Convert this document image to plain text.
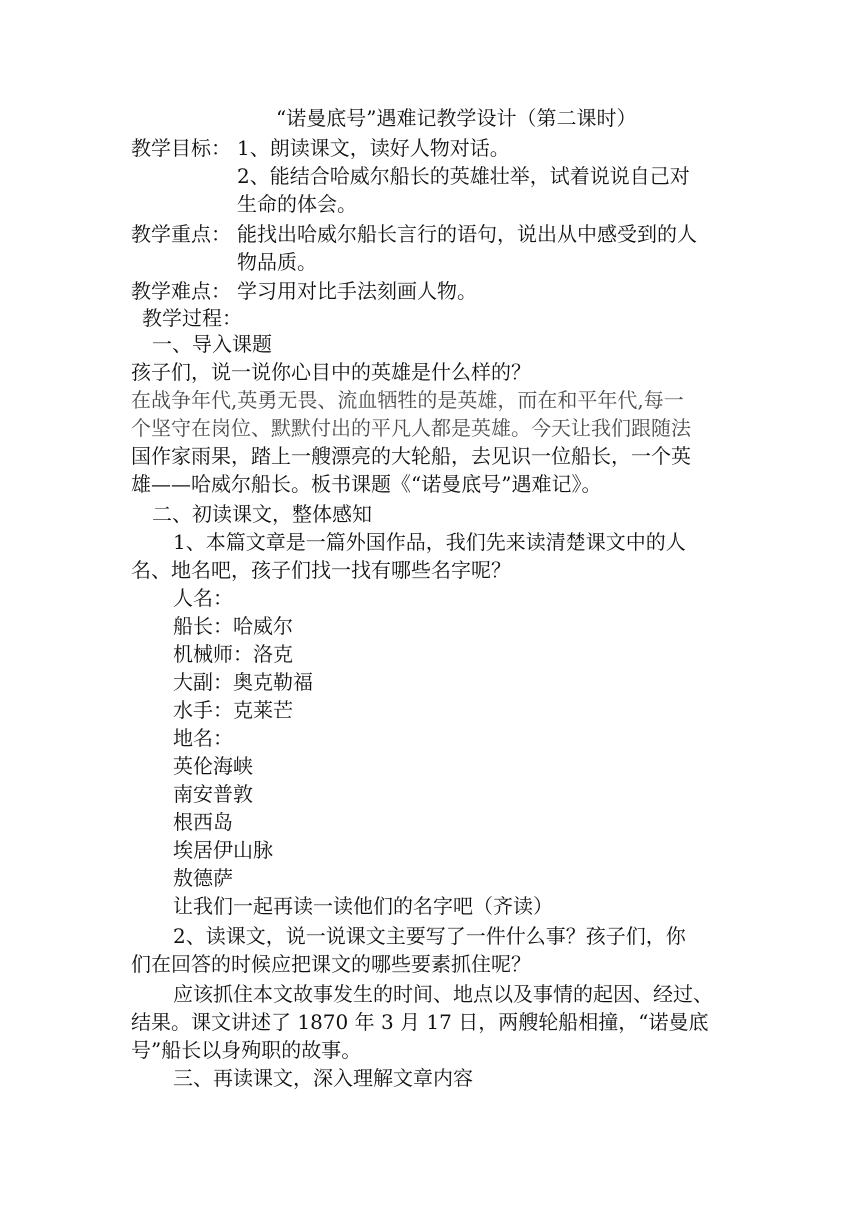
“诺曼底号”遇难记教学设计（第二课时）
教学目标： 1、朗读课文，读好人物对话。
2、能结合哈威尔船长的英雄壮举，试着说说自己对
生命的体会。
教学重点： 能找出哈威尔船长言行的语句，说出从中感受到的人
物品质。
教学难点： 学习用对比手法刻画人物。
教学过程：
一、导入课题
孩子们，说一说你心目中的英雄是什么样的？
在战争年代,英勇无畏、流血牺牲的是英雄，而在和平年代,每一
个坚守在岗位、默默付出的平凡人都是英雄。今天让我们跟随法
国作家雨果，踏上一艘漂亮的大轮船，去见识一位船长，一个英
雄——哈威尔船长。板书课题《“诺曼底号”遇难记》。
二、初读课文，整体感知
1、本篇文章是一篇外国作品，我们先来读清楚课文中的人
名、地名吧，孩子们找一找有哪些名字呢？
人名：
船长：哈威尔
机械师：洛克
大副：奥克勒福
水手：克莱芒
地名：
英伦海峡
南安普敦
根西岛
埃居伊山脉
敖德萨
让我们一起再读一读他们的名字吧（齐读）
2、读课文，说一说课文主要写了一件什么事？孩子们，你
们在回答的时候应把课文的哪些要素抓住呢？
应该抓住本文故事发生的时间、地点以及事情的起因、经过、
结果。课文讲述了 1870 年 3 月 17 日，两艘轮船相撞，“诺曼底
号”船长以身殉职的故事。
三、再读课文，深入理解文章内容
